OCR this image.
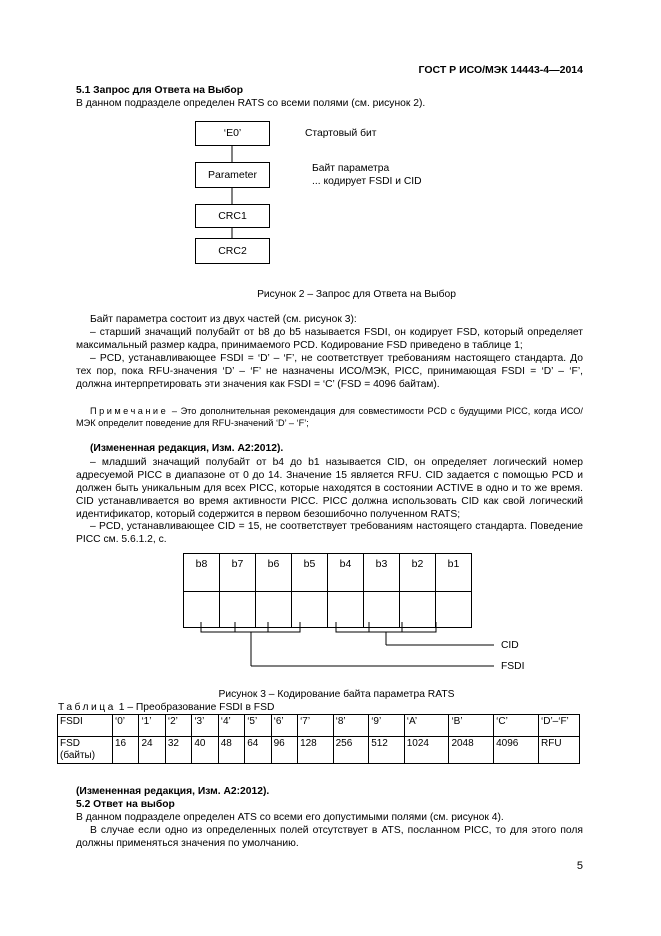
ГОСТ Р ИСО/МЭК 14443-4—2014
5.1 Запрос для Ответа на Выбор
В данном подразделе определен RATS со всеми полями (см. рисунок 2).
‘E0’
Parameter
CRC1
CRC2
Стартовый бит
Байт параметра
... кодирует FSDI и CID
Рисунок 2 – Запрос для Ответа на Выбор
Байт параметра состоит из двух частей (см. рисунок 3):
– старший значащий полубайт от b8 до b5 называется FSDI, он кодирует FSD, который определяет максимальный размер кадра, принимаемого PCD. Кодирование FSD приведено в таблице 1;
– PCD, устанавливающее FSDI = ‘D’ – ‘F’, не соответствует требованиям настоящего стандарта. До тех пор, пока RFU-значения ‘D’ – ‘F’ не назначены ИСО/МЭК, PICC, принимающая FSDI = ‘D’ – ‘F’, должна интерпретировать эти значения как FSDI = ‘C’ (FSD = 4096 байтам).
Примечание – Это дополнительная рекомендация для совместимости PCD с будущими PICC, когда ИСО/МЭК определит поведение для RFU-значений ‘D’ – ‘F’;
(Измененная редакция, Изм. А2:2012).
– младший значащий полубайт от b4 до b1 называется CID, он определяет логический номер адресуемой PICC в диапазоне от 0 до 14. Значение 15 является RFU. CID задается с помощью PCD и должен быть уникальным для всех PICC, которые находятся в состоянии ACTIVE в одно и то же время. CID устанавливается во время активности PICC. PICC должна использовать CID как свой логический идентификатор, который содержится в первом безошибочно полученном RATS;
– PCD, устанавливающее CID = 15, не соответствует требованиям настоящего стандарта. Поведение PICC см. 5.6.1.2, c.
b8	b7	b6	b5	b4	b3	b2	b1

CID
FSDI
Рисунок 3 – Кодирование байта параметра RATS
Таблица 1 – Преобразование FSDI в FSD
FSDI	‘0’	‘1’	‘2’	‘3’	‘4’	‘5’	‘6’	‘7’	‘8’	‘9’	‘A’	‘B’	‘C’	‘D’–‘F’
FSD (байты)	16	24	32	40	48	64	96	128	256	512	1024	2048	4096	RFU
(Измененная редакция, Изм. А2:2012).
5.2 Ответ на выбор
В данном подразделе определен ATS со всеми его допустимыми полями (см. рисунок 4).
В случае если одно из определенных полей отсутствует в ATS, посланном PICC, то для этого поля должны применяться значения по умолчанию.
5
